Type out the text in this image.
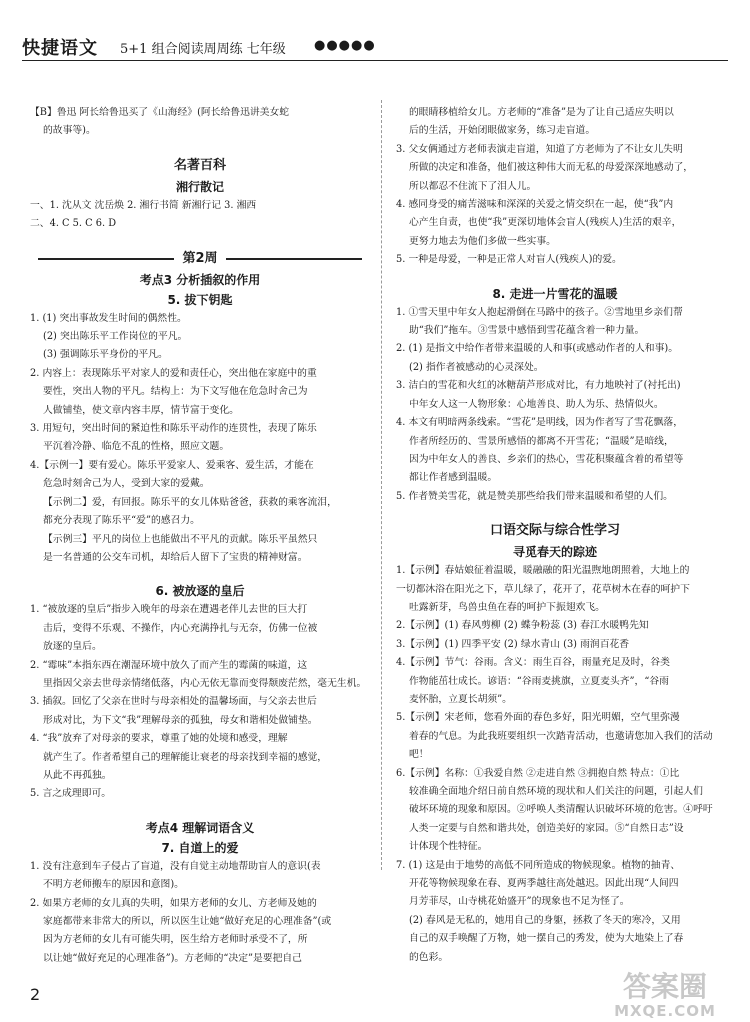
快捷语文 5+1 组合阅读周周练 七年级 ●●●●●

【B】鲁迅 阿长给鲁迅买了《山海经》(阿长给鲁迅讲美女蛇

的故事等)。

名著百科

湘行散记

一、1. 沈从文 沈岳焕 2. 湘行书简 新湘行记 3. 湘西

二、4. C 5. C 6. D

第2周

考点3 分析插叙的作用

5. 拔下钥匙

1. (1) 突出事故发生时间的偶然性。

(2) 突出陈乐平工作岗位的平凡。

(3) 强调陈乐平身份的平凡。

2. 内容上：表现陈乐平对家人的爱和责任心，突出他在家庭中的重

要性，突出人物的平凡。结构上：为下文写他在危急时舍己为

人做铺垫，使文章内容丰厚，情节富于变化。

3. 用短句，突出时间的紧迫性和陈乐平动作的连贯性，表现了陈乐

平沉着冷静、临危不乱的性格，照应文题。

4.【示例一】要有爱心。陈乐平爱家人、爱乘客、爱生活，才能在

危急时刻舍己为人，受到大家的爱戴。

【示例二】爱，有回报。陈乐平的女儿体贴爸爸，获救的乘客流泪，

都充分表现了陈乐平“爱”的感召力。

【示例三】平凡的岗位上也能做出不平凡的贡献。陈乐平虽然只

是一名普通的公交车司机，却给后人留下了宝贵的精神财富。

6. 被放逐的皇后

1. “被放逐的皇后”指步入晚年的母亲在遭遇老伴儿去世的巨大打

击后，变得不乐观、不操作，内心充满挣扎与无奈，仿佛一位被

放逐的皇后。

2. “霉味”本指东西在潮湿环境中放久了而产生的霉菌的味道，这

里指因父亲去世母亲情绪低落，内心无依无靠而变得颓废茫然，毫无生机。

3. 插叙。回忆了父亲在世时与母亲相处的温馨场面，与父亲去世后

形成对比，为下文“我”理解母亲的孤独，母女和谐相处做铺垫。

4. “我”放弃了对母亲的要求，尊重了她的处境和感受，理解

就产生了。作者希望自己的理解能让衰老的母亲找到幸福的感觉，

从此不再孤独。

5. 言之成理即可。

考点4 理解词语含义

7. 自道上的爱

1. 没有注意到车子侵占了盲道，没有自觉主动地帮助盲人的意识(表

不明方老师搬车的原因和意图)。

2. 如果方老师的女儿真的失明，如果方老师的女儿、方老师及她的

家庭都带来非常大的所以，所以医生让她“做好充足的心理准备”(或

因为方老师的女儿有可能失明，医生给方老师时承受不了，所

以让她“做好充足的心理准备”)。方老师的“决定”是要把自己

的眼睛移植给女儿。方老师的“准备”是为了让自己适应失明以

后的生活，开始闭眼做家务，练习走盲道。

3. 父女俩通过方老师表演走盲道，知道了方老师为了不让女儿失明

所做的决定和准备，他们被这种伟大而无私的母爱深深地感动了，

所以都忍不住流下了泪人儿。

4. 感同身受的痛苦滋味和深深的关爱之情交织在一起，使“我”内

心产生自责，也使“我”更深切地体会盲人(残疾人)生活的艰辛，

更努力地去为他们多做一些实事。

5. 一种是母爱，一种是正常人对盲人(残疾人)的爱。

8. 走进一片雪花的温暖

1. ①雪天里中年女人抱起滑倒在马路中的孩子。②雪地里乡亲们帮

助“我们”拖车。③雪景中感悟到雪花蕴含着一种力量。

2. (1) 是指文中给作者带来温暖的人和事(或感动作者的人和事)。

(2) 指作者被感动的心灵深处。

3. 洁白的雪花和火红的冰糖葫芦形成对比，有力地映衬了(衬托出)

中年女人这一人物形象：心地善良、助人为乐、热情似火。

4. 本文有明暗两条线索。“雪花”是明线，因为作者写了雪花飘落，

作者所经历的、雪景所感悟的都离不开雪花；“温暖”是暗线，

因为中年女人的善良、乡亲们的热心，雪花积聚蕴含着的希望等

都让作者感到温暖。

5. 作者赞美雪花，就是赞美那些给我们带来温暖和希望的人们。

口语交际与综合性学习

寻觅春天的踪迹

1.【示例】春姑娘征着温暖，暖融融的阳光温煦地朗照着，大地上的

一切都沐浴在阳光之下，草儿绿了，花开了，花草树木在春的呵护下

吐露新芽，鸟兽虫鱼在春的呵护下振翅欢飞。

2.【示例】(1) 春风剪柳 (2) 蝶争粉蕊 (3) 春江水暖鸭先知

3.【示例】(1) 四季平安 (2) 绿水青山 (3) 雨润百花香

4.【示例】节气：谷雨。含义：雨生百谷，雨量充足及时，谷类

作物能茁壮成长。谚语：“谷雨麦挑旗，立夏麦头齐”，“谷雨

麦怀胎，立夏长胡须”。

5.【示例】宋老师，您看外面的春色多好，阳光明媚，空气里弥漫

着春的气息。为此我班要组织一次踏青活动，也邀请您加入我们的活动

吧！

6.【示例】名称：①我爱自然 ②走进自然 ③拥抱自然 特点：①比

较准确全面地介绍日前自然环境的现状和人们关注的问题，引起人们

破坏环境的现象和原因。②呼唤人类清醒认识破坏环境的危害。④呼吁

人类一定要与自然和谐共处，创造美好的家园。⑤“自然日志”设

计体现个性特征。

7. (1) 这是由于地势的高低不同所造成的物候现象。植物的抽青、

开花等物候现象在春、夏两季越往高处越迟。因此出现“人间四

月芳菲尽，山寺桃花始盛开”的现象也不足为怪了。

(2) 春风是无私的，她用自己的身躯，拯救了冬天的寒冷，又用

自己的双手唤醒了万物，她一摆自己的秀发，使为大地染上了春

的色彩。

2	答案圈
MXQE.COM
